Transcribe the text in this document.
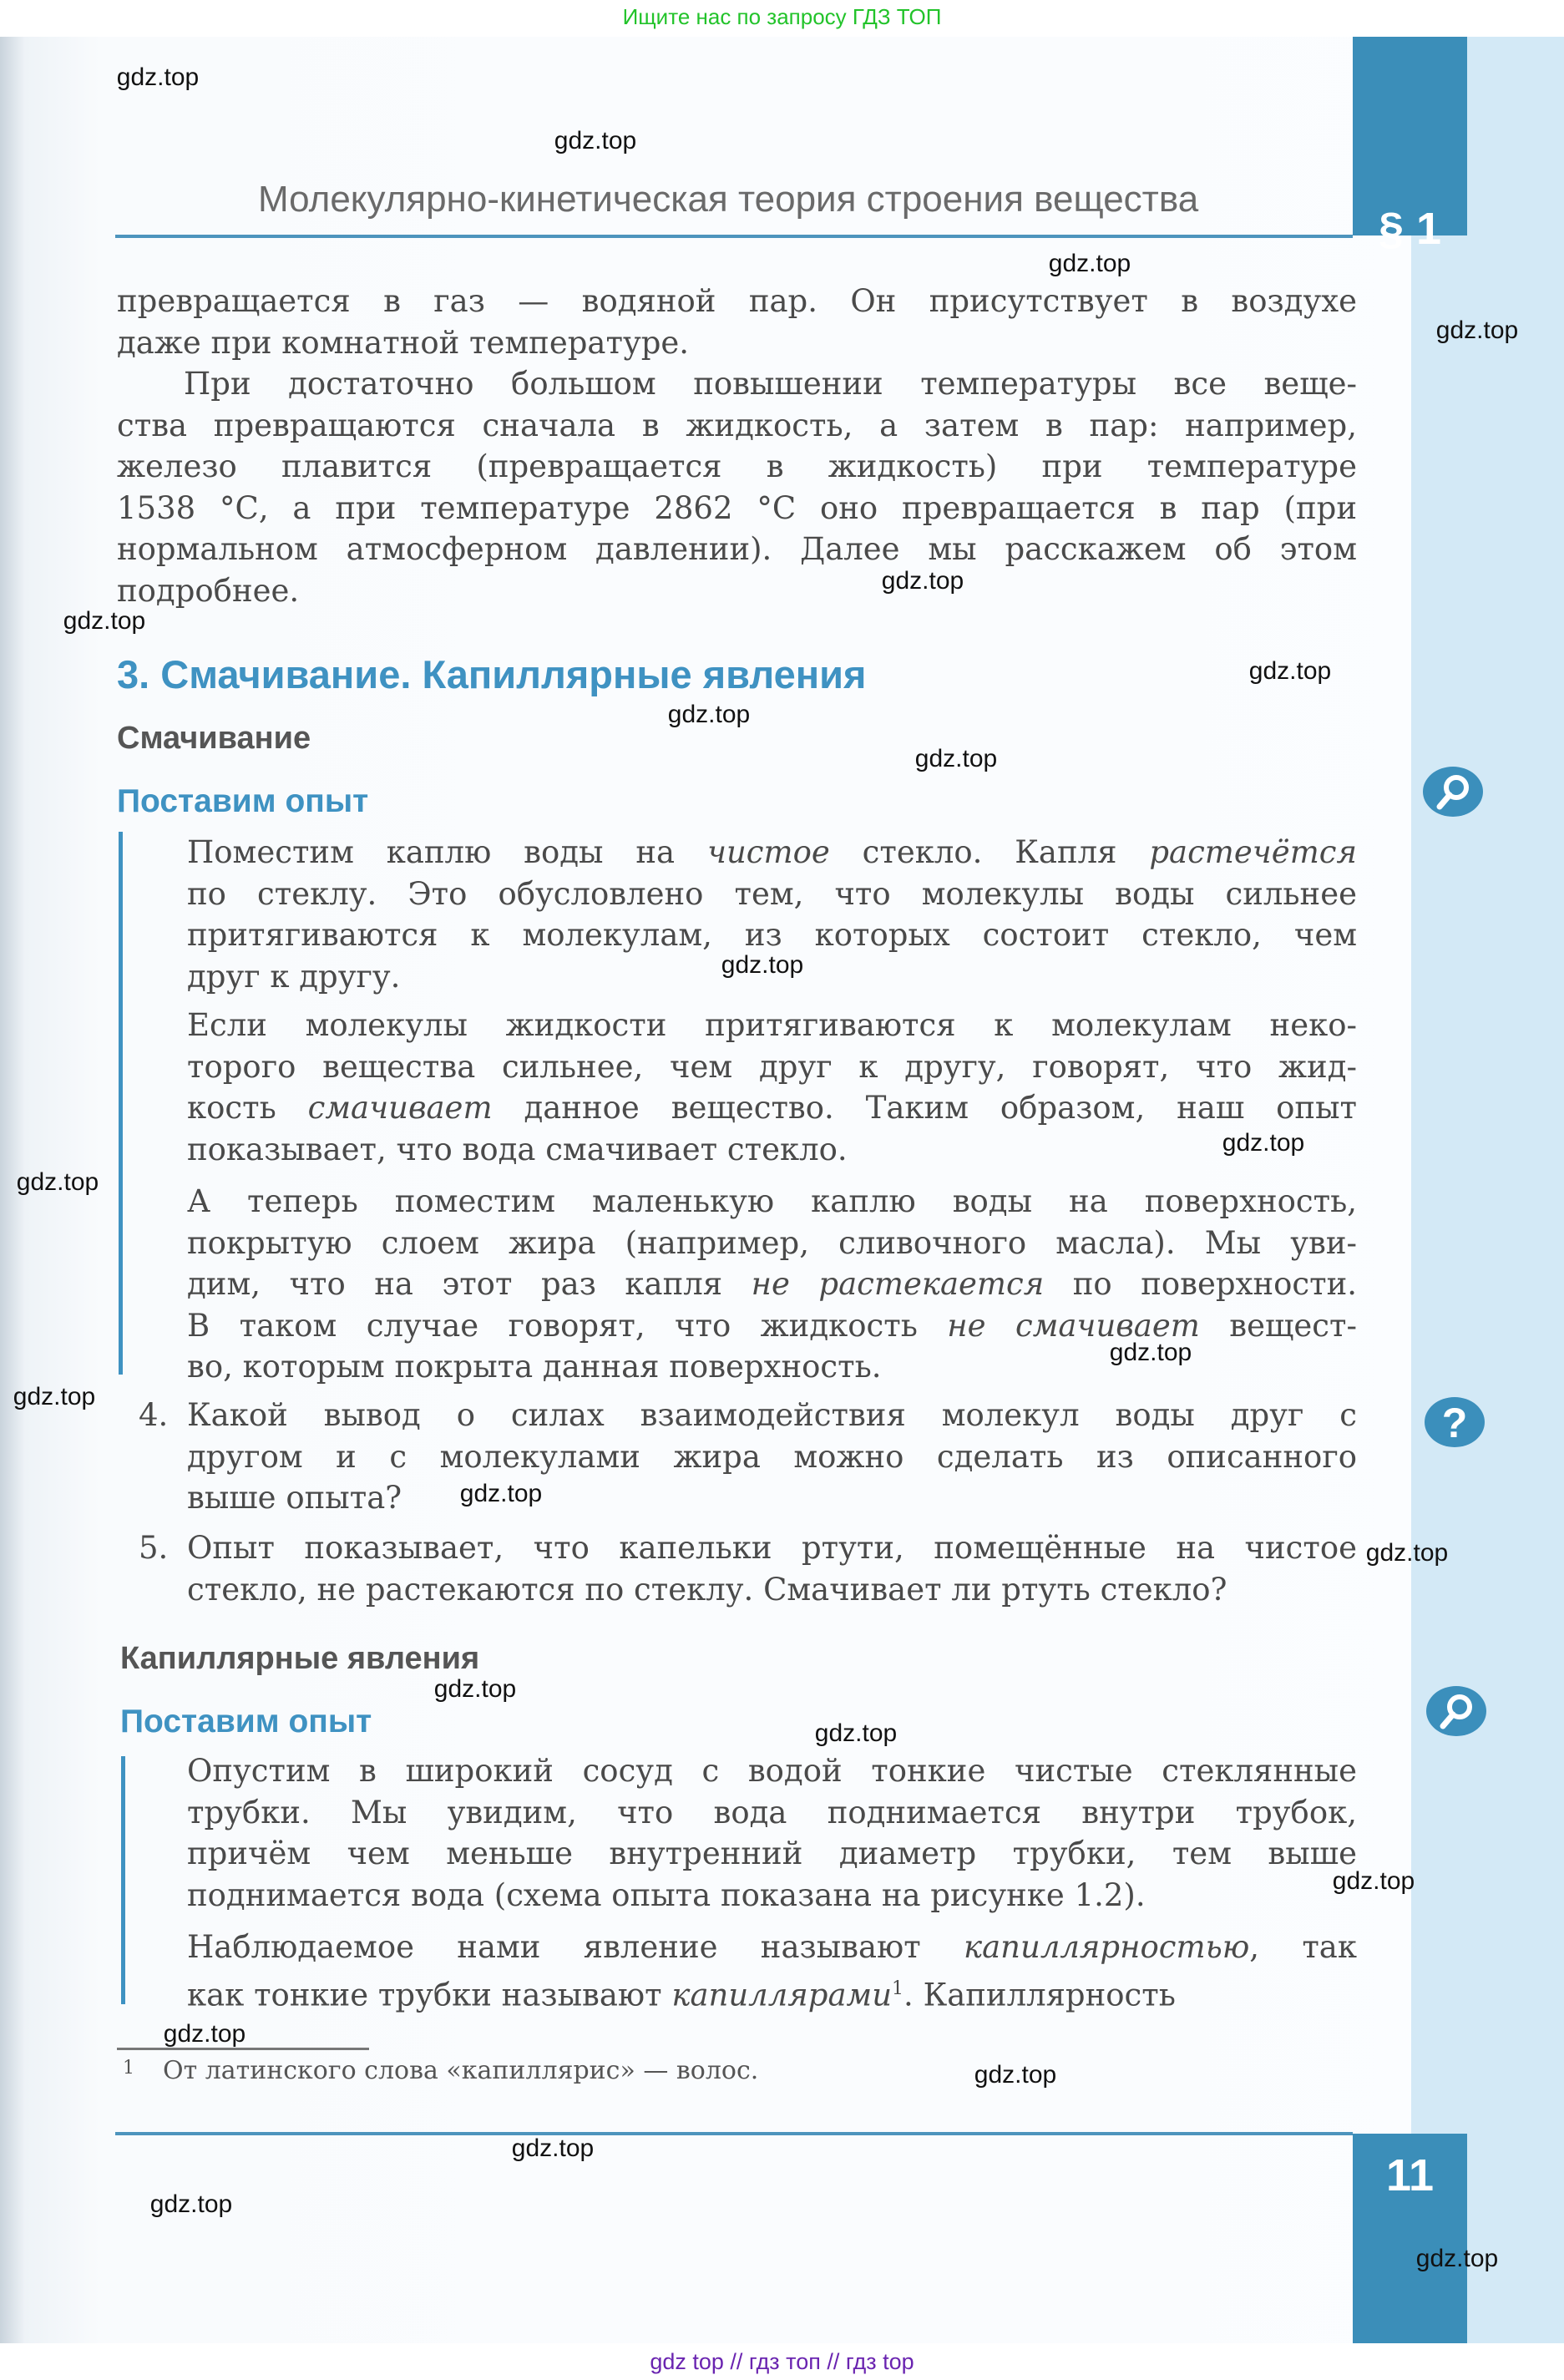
Ищите нас по запросу ГДЗ ТОП
§ 1
11
Молекулярно-кинетическая теория строения вещества
превращается в газ — водяной пар. Он присутствует в воздухе
даже при комнатной температуре.
При достаточно большом повышении температуры все веще-
ства превращаются сначала в жидкость, а затем в пар: например,
железо плавится (превращается в жидкость) при температуре
1538 °С, а при температуре 2862 °С оно превращается в пар (при
нормальном атмосферном давлении). Далее мы расскажем об этом
подробнее.
3. Смачивание. Капиллярные явления
Смачивание
Поставим опыт
Поместим каплю воды на чистое стекло. Капля растечётся
по стеклу. Это обусловлено тем, что молекулы воды сильнее
притягиваются к молекулам, из которых состоит стекло, чем
друг к другу.
Если молекулы жидкости притягиваются к молекулам неко-
торого вещества сильнее, чем друг к другу, говорят, что жид-
кость смачивает данное вещество. Таким образом, наш опыт
показывает, что вода смачивает стекло.
А теперь поместим маленькую каплю воды на поверхность,
покрытую слоем жира (например, сливочного масла). Мы уви-
дим, что на этот раз капля не растекается по поверхности.
В таком случае говорят, что жидкость не смачивает вещест-
во, которым покрыта данная поверхность.
4. Какой вывод о силах взаимодействия молекул воды друг с
другом и с молекулами жира можно сделать из описанного
выше опыта?
5. Опыт показывает, что капельки ртути, помещённые на чистое
стекло, не растекаются по стеклу. Смачивает ли ртуть стекло?
Капиллярные явления
Поставим опыт
Опустим в широкий сосуд с водой тонкие чистые стеклянные
трубки. Мы увидим, что вода поднимается внутри трубок,
причём чем меньше внутренний диаметр трубки, тем выше
поднимается вода (схема опыта показана на рисунке 1.2).
Наблюдаемое нами явление называют капиллярностью, так
как тонкие трубки называют капиллярами$^1$. Капиллярность
$^1$ От латинского слова «капиллярис» — волос.
?
gdz.top
gdz.top
gdz.top
gdz.top
gdz.top
gdz.top
gdz.top
gdz.top
gdz.top
gdz.top
gdz.top
gdz.top
gdz.top
gdz.top
gdz.top
gdz.top
gdz.top
gdz.top
gdz.top
gdz.top
gdz.top
gdz.top
gdz.top
gdz.top
gdz top // гдз топ // гдз top
